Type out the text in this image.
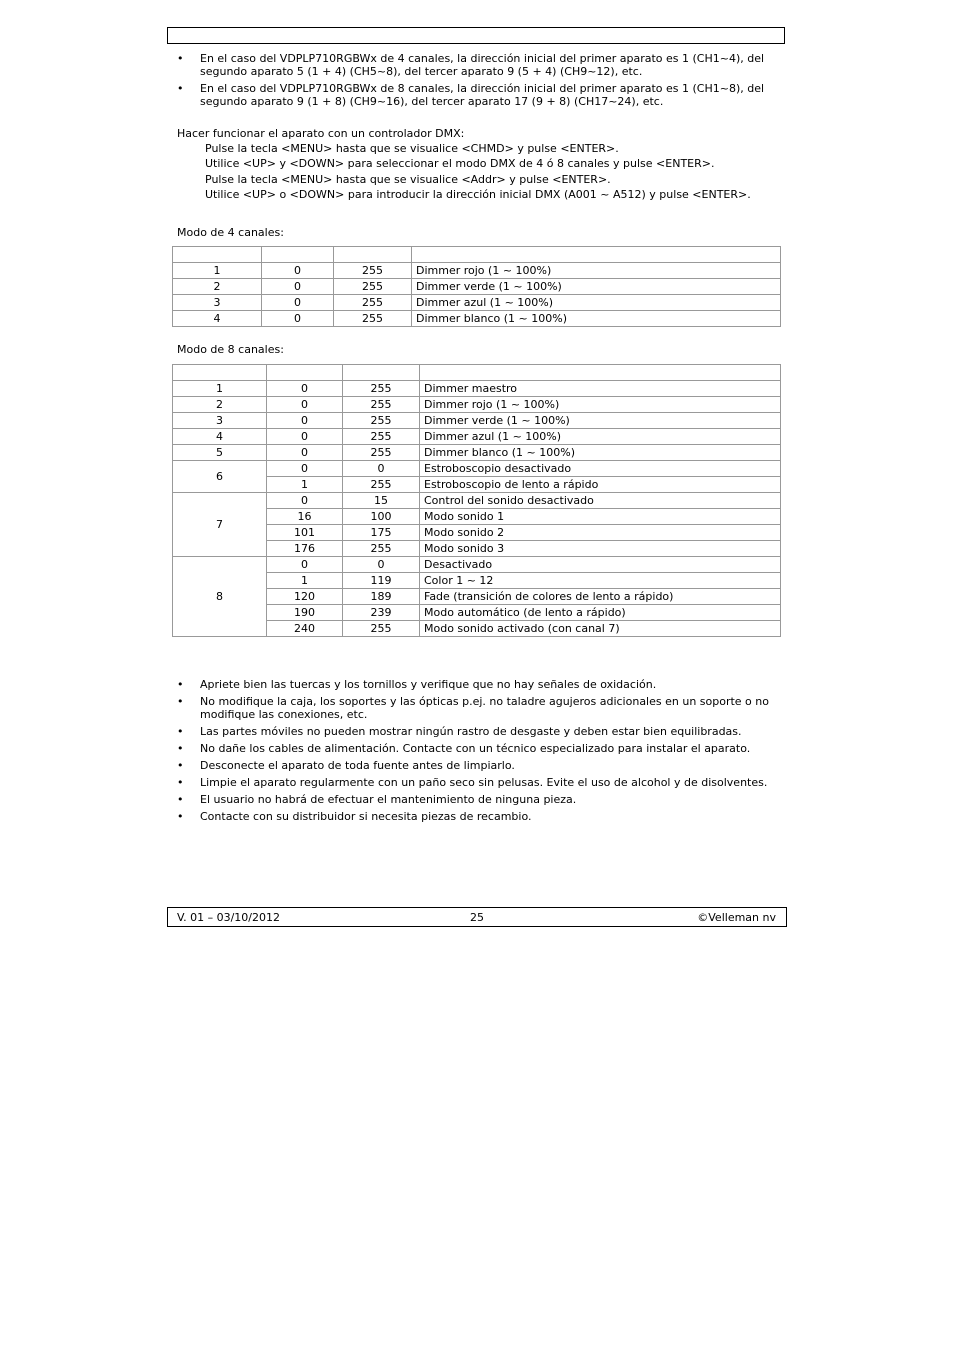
• En el caso del VDPLP710RGBWx de 4 canales, la dirección inicial del primer aparato es 1 (CH1~4), del segundo aparato 5 (1 + 4) (CH5~8), del tercer aparato 9 (5 + 4) (CH9~12), etc.
• En el caso del VDPLP710RGBWx de 8 canales, la dirección inicial del primer aparato es 1 (CH1~8), del segundo aparato 9 (1 + 8) (CH9~16), del tercer aparato 17 (9 + 8) (CH17~24), etc.
Hacer funcionar el aparato con un controlador DMX:
Pulse la tecla <MENU> hasta que se visualice <CHMD> y pulse <ENTER>.
Utilice <UP> y <DOWN> para seleccionar el modo DMX de 4 ó 8 canales y pulse <ENTER>.
Pulse la tecla <MENU> hasta que se visualice <Addr> y pulse <ENTER>.
Utilice <UP> o <DOWN> para introducir la dirección inicial DMX (A001 ~ A512) y pulse <ENTER>.
Modo de 4 canales:

1	0	255	Dimmer rojo (1 ~ 100%)
2	0	255	Dimmer verde (1 ~ 100%)
3	0	255	Dimmer azul (1 ~ 100%)
4	0	255	Dimmer blanco (1 ~ 100%)
Modo de 8 canales:

1	0	255	Dimmer maestro
2	0	255	Dimmer rojo (1 ~ 100%)
3	0	255	Dimmer verde (1 ~ 100%)
4	0	255	Dimmer azul (1 ~ 100%)
5	0	255	Dimmer blanco (1 ~ 100%)
6	0	0	Estroboscopio desactivado
	1	255	Estroboscopio de lento a rápido
7	0	15	Control del sonido desactivado
	16	100	Modo sonido 1
	101	175	Modo sonido 2
	176	255	Modo sonido 3
8	0	0	Desactivado
	1	119	Color 1 ~ 12
	120	189	Fade (transición de colores de lento a rápido)
	190	239	Modo automático (de lento a rápido)
	240	255	Modo sonido activado (con canal 7)
• Apriete bien las tuercas y los tornillos y verifique que no hay señales de oxidación.
• No modifique la caja, los soportes y las ópticas p.ej. no taladre agujeros adicionales en un soporte o no modifique las conexiones, etc.
• Las partes móviles no pueden mostrar ningún rastro de desgaste y deben estar bien equilibradas.
• No dañe los cables de alimentación. Contacte con un técnico especializado para instalar el aparato.
• Desconecte el aparato de toda fuente antes de limpiarlo.
• Limpie el aparato regularmente con un paño seco sin pelusas. Evite el uso de alcohol y de disolventes.
• El usuario no habrá de efectuar el mantenimiento de ninguna pieza.
• Contacte con su distribuidor si necesita piezas de recambio.
V. 01 – 03/10/2012	25	©Velleman nv
